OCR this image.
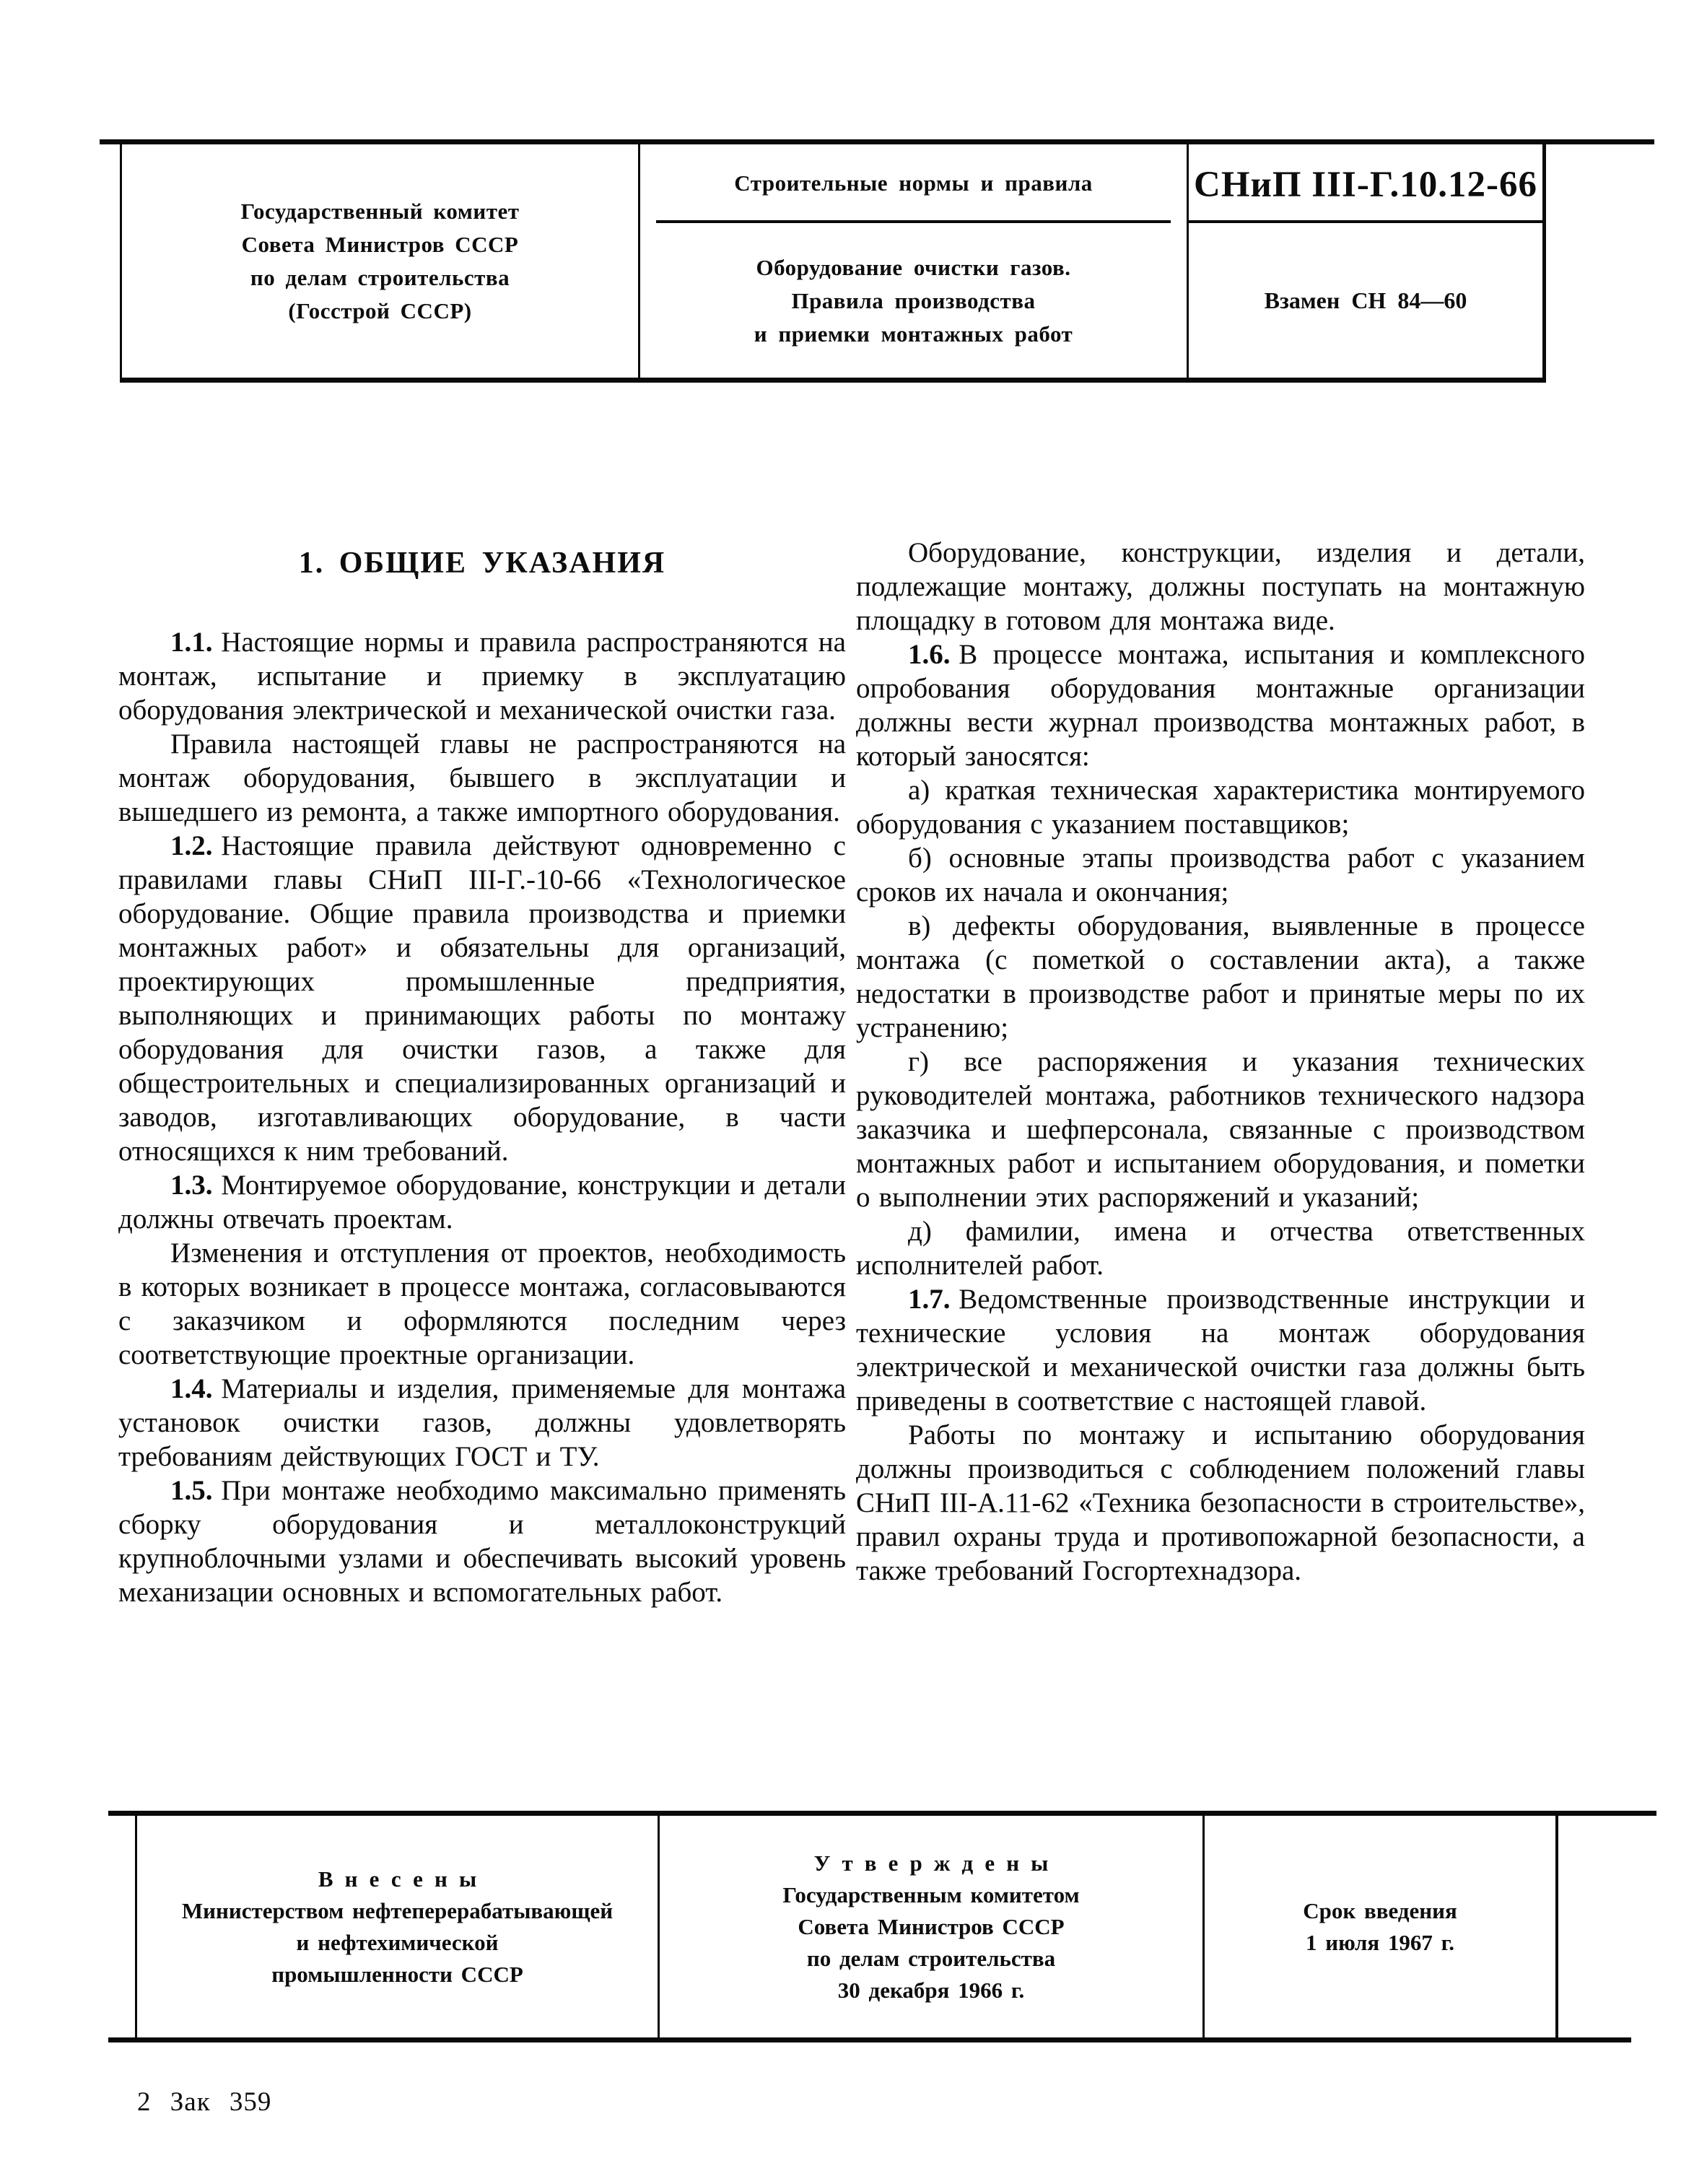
Государственный комитет
Совета Министров СССР
по делам строительства
(Госстрой СССР)
Строительные нормы и правила
Оборудование очистки газов.
Правила производства
и приемки монтажных работ
СНиП III-Г.10.12-66
Взамен СН 84—60
1. ОБЩИЕ УКАЗАНИЯ

1.1. Настоящие нормы и правила распространяются на монтаж, испытание и приемку в эксплуатацию оборудования электрической и механической очистки газа.

Правила настоящей главы не распространяются на монтаж оборудования, бывшего в эксплуатации и вышедшего из ремонта, а также импортного оборудования.

1.2. Настоящие правила действуют одновременно с правилами главы СНиП III-Г.-10-66 «Технологическое оборудование. Общие правила производства и приемки монтажных работ» и обязательны для организаций, проектирующих промышленные предприятия, выполняющих и принимающих работы по монтажу оборудования для очистки газов, а также для общестроительных и специализированных организаций и заводов, изготавливающих оборудование, в части относящихся к ним требований.

1.3. Монтируемое оборудование, конструкции и детали должны отвечать проектам.

Изменения и отступления от проектов, необходимость в которых возникает в процессе монтажа, согласовываются с заказчиком и оформляются последним через соответствующие проектные организации.

1.4. Материалы и изделия, применяемые для монтажа установок очистки газов, должны удовлетворять требованиям действующих ГОСТ и ТУ.

1.5. При монтаже необходимо максимально применять сборку оборудования и металлоконструкций крупноблочными узлами и обеспечивать высокий уровень механизации основных и вспомогательных работ.

Оборудование, конструкции, изделия и детали, подлежащие монтажу, должны поступать на монтажную площадку в готовом для монтажа виде.

1.6. В процессе монтажа, испытания и комплексного опробования оборудования монтажные организации должны вести журнал производства монтажных работ, в который заносятся:

а) краткая техническая характеристика монтируемого оборудования с указанием поставщиков;

б) основные этапы производства работ с указанием сроков их начала и окончания;

в) дефекты оборудования, выявленные в процессе монтажа (с пометкой о составлении акта), а также недостатки в производстве работ и принятые меры по их устранению;

г) все распоряжения и указания технических руководителей монтажа, работников технического надзора заказчика и шефперсонала, связанные с производством монтажных работ и испытанием оборудования, и пометки о выполнении этих распоряжений и указаний;

д) фамилии, имена и отчества ответственных исполнителей работ.

1.7. Ведомственные производственные инструкции и технические условия на монтаж оборудования электрической и механической очистки газа должны быть приведены в соответствие с настоящей главой.

Работы по монтажу и испытанию оборудования должны производиться с соблюдением положений главы СНиП III-А.11-62 «Техника безопасности в строительстве», правил охраны труда и противопожарной безопасности, а также требований Госгортехнадзора.

Внесены
Министерством нефтеперерабатывающей
и нефтехимической
промышленности СССР
Утверждены
Государственным комитетом
Совета Министров СССР
по делам строительства
30 декабря 1966 г.
Срок введения
1 июля 1967 г.
2 Зак 359
